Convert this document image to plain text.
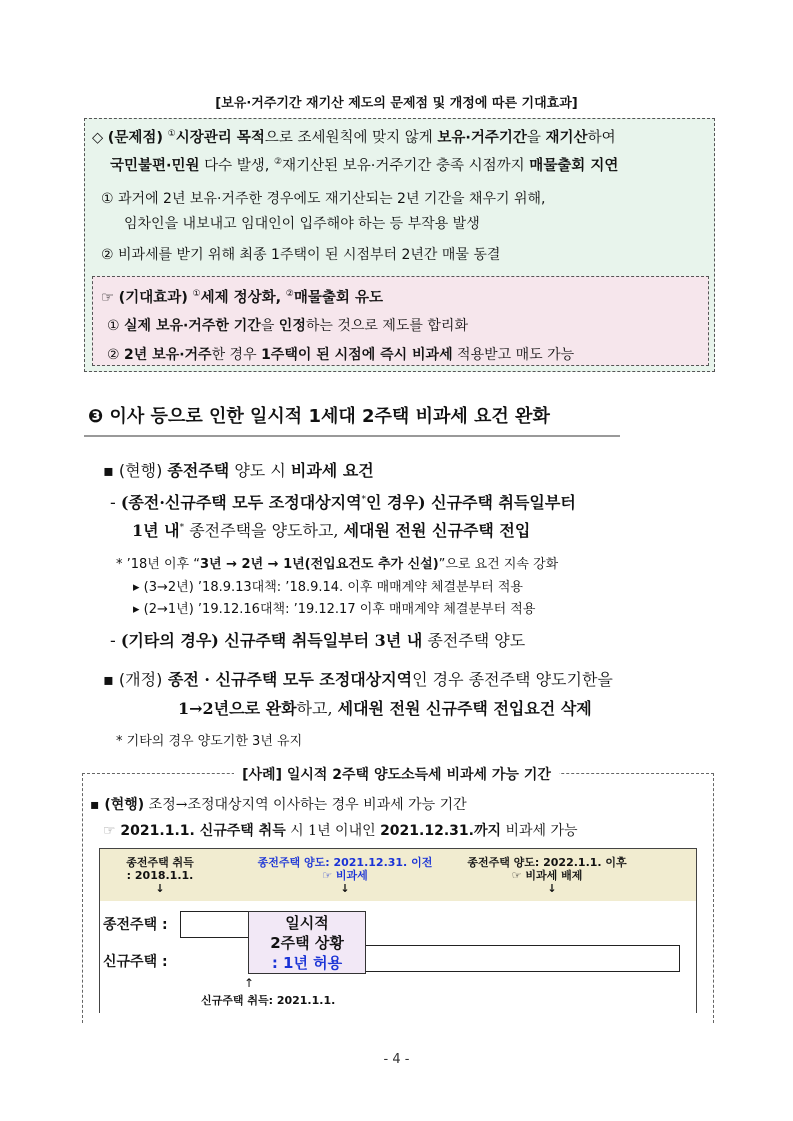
[보유·거주기간 재기산 제도의 문제점 및 개정에 따른 기대효과]
◇ (문제점) ①시장관리 목적으로 조세원칙에 맞지 않게 보유·거주기간을 재기산하여
국민불편·민원 다수 발생, ②재기산된 보유·거주기간 충족 시점까지 매물출회 지연
① 과거에 2년 보유·거주한 경우에도 재기산되는 2년 기간을 채우기 위해,
임차인을 내보내고 임대인이 입주해야 하는 등 부작용 발생
② 비과세를 받기 위해 최종 1주택이 된 시점부터 2년간 매물 동결
☞ (기대효과) ①세제 정상화, ②매물출회 유도
① 실제 보유·거주한 기간을 인정하는 것으로 제도를 합리화
② 2년 보유·거주한 경우 1주택이 된 시점에 즉시 비과세 적용받고 매도 가능
❸ 이사 등으로 인한 일시적 1세대 2주택 비과세 요건 완화
▪ (현행) 종전주택 양도 시 비과세 요건
- (종전·신규주택 모두 조정대상지역*인 경우) 신규주택 취득일부터
1년 내* 종전주택을 양도하고, 세대원 전원 신규주택 전입
* ’18년 이후 “3년 → 2년 → 1년(전입요건도 추가 신설)”으로 요건 지속 강화
▸ (3→2년) ’18.9.13대책: ’18.9.14. 이후 매매계약 체결분부터 적용
▸ (2→1년) ’19.12.16대책: ’19.12.17 이후 매매계약 체결분부터 적용
- (기타의 경우) 신규주택 취득일부터 3년 내 종전주택 양도
▪ (개정) 종전 · 신규주택 모두 조정대상지역인 경우 종전주택 양도기한을
1→2년으로 완화하고, 세대원 전원 신규주택 전입요건 삭제
* 기타의 경우 양도기한 3년 유지
[사례] 일시적 2주택 양도소득세 비과세 가능 기간
▪ (현행) 조정→조정대상지역 이사하는 경우 비과세 가능 기간
☞ 2021.1.1. 신규주택 취득 시 1년 이내인 2021.12.31.까지 비과세 가능
종전주택 취득
: 2018.1.1.
↓
종전주택 양도: 2021.12.31. 이전
☞ 비과세
↓
종전주택 양도: 2022.1.1. 이후
☞ 비과세 배제
↓
종전주택 :
신규주택 :
일시적
2주택 상황
: 1년 허용
↑
신규주택 취득: 2021.1.1.
- 4 -
